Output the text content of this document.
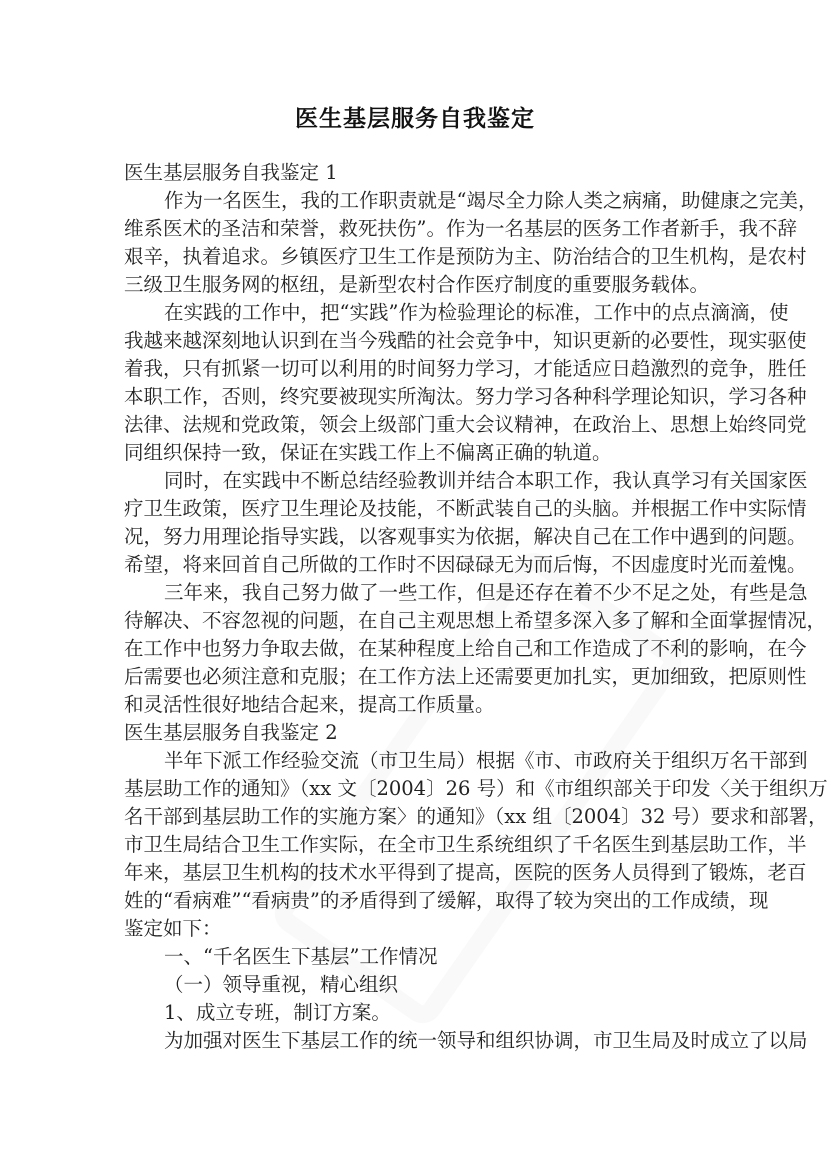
医生基层服务自我鉴定
医生基层服务自我鉴定 1
作为一名医生，我的工作职责就是“竭尽全力除人类之病痛，助健康之完美，
维系医术的圣洁和荣誉，救死扶伤”。作为一名基层的医务工作者新手，我不辞
艰辛，执着追求。乡镇医疗卫生工作是预防为主、防治结合的卫生机构，是农村
三级卫生服务网的枢纽，是新型农村合作医疗制度的重要服务载体。
在实践的工作中，把“实践”作为检验理论的标准，工作中的点点滴滴，使
我越来越深刻地认识到在当今残酷的社会竞争中，知识更新的必要性，现实驱使
着我，只有抓紧一切可以利用的时间努力学习，才能适应日趋激烈的竞争，胜任
本职工作，否则，终究要被现实所淘汰。努力学习各种科学理论知识，学习各种
法律、法规和党政策，领会上级部门重大会议精神，在政治上、思想上始终同党
同组织保持一致，保证在实践工作上不偏离正确的轨道。
同时，在实践中不断总结经验教训并结合本职工作，我认真学习有关国家医
疗卫生政策，医疗卫生理论及技能，不断武装自己的头脑。并根据工作中实际情
况，努力用理论指导实践，以客观事实为依据，解决自己在工作中遇到的问题。
希望，将来回首自己所做的工作时不因碌碌无为而后悔，不因虚度时光而羞愧。
三年来，我自己努力做了一些工作，但是还存在着不少不足之处，有些是急
待解决、不容忽视的问题，在自己主观思想上希望多深入多了解和全面掌握情况，
在工作中也努力争取去做，在某种程度上给自己和工作造成了不利的影响，在今
后需要也必须注意和克服；在工作方法上还需要更加扎实，更加细致，把原则性
和灵活性很好地结合起来，提高工作质量。
医生基层服务自我鉴定 2
半年下派工作经验交流（市卫生局）根据《市、市政府关于组织万名干部到
基层助工作的通知》（xx 文〔2004〕26 号）和《市组织部关于印发〈关于组织万
名干部到基层助工作的实施方案〉的通知》（xx 组〔2004〕32 号）要求和部署，
市卫生局结合卫生工作实际，在全市卫生系统组织了千名医生到基层助工作，半
年来，基层卫生机构的技术水平得到了提高，医院的医务人员得到了锻炼，老百
姓的“看病难”“看病贵”的矛盾得到了缓解，取得了较为突出的工作成绩，现
鉴定如下：
一、“千名医生下基层”工作情况
（一）领导重视，精心组织
1、成立专班，制订方案。
为加强对医生下基层工作的统一领导和组织协调，市卫生局及时成立了以局
